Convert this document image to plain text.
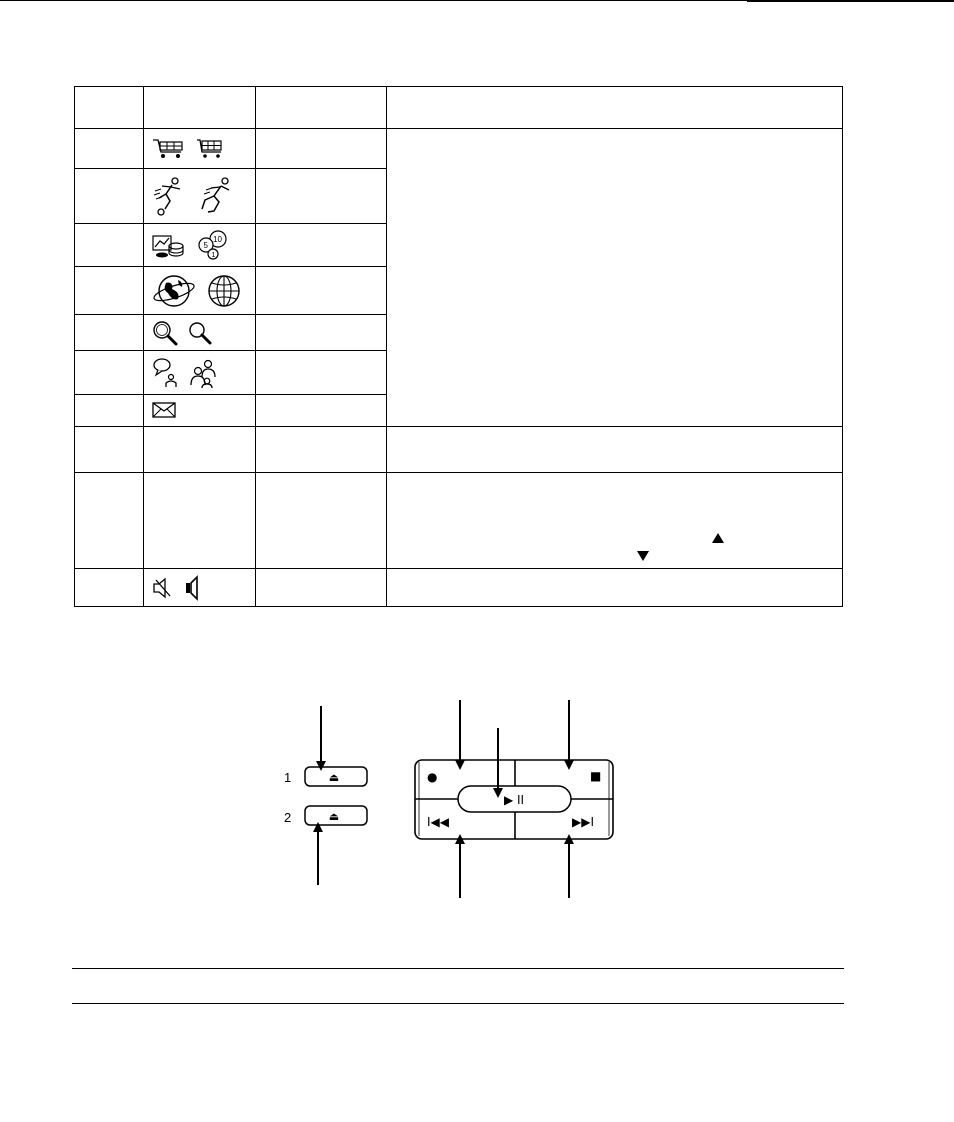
10
5
1		

1
2
⏏
⏏
●	■
I◀◀	▶▶I
▶ II
